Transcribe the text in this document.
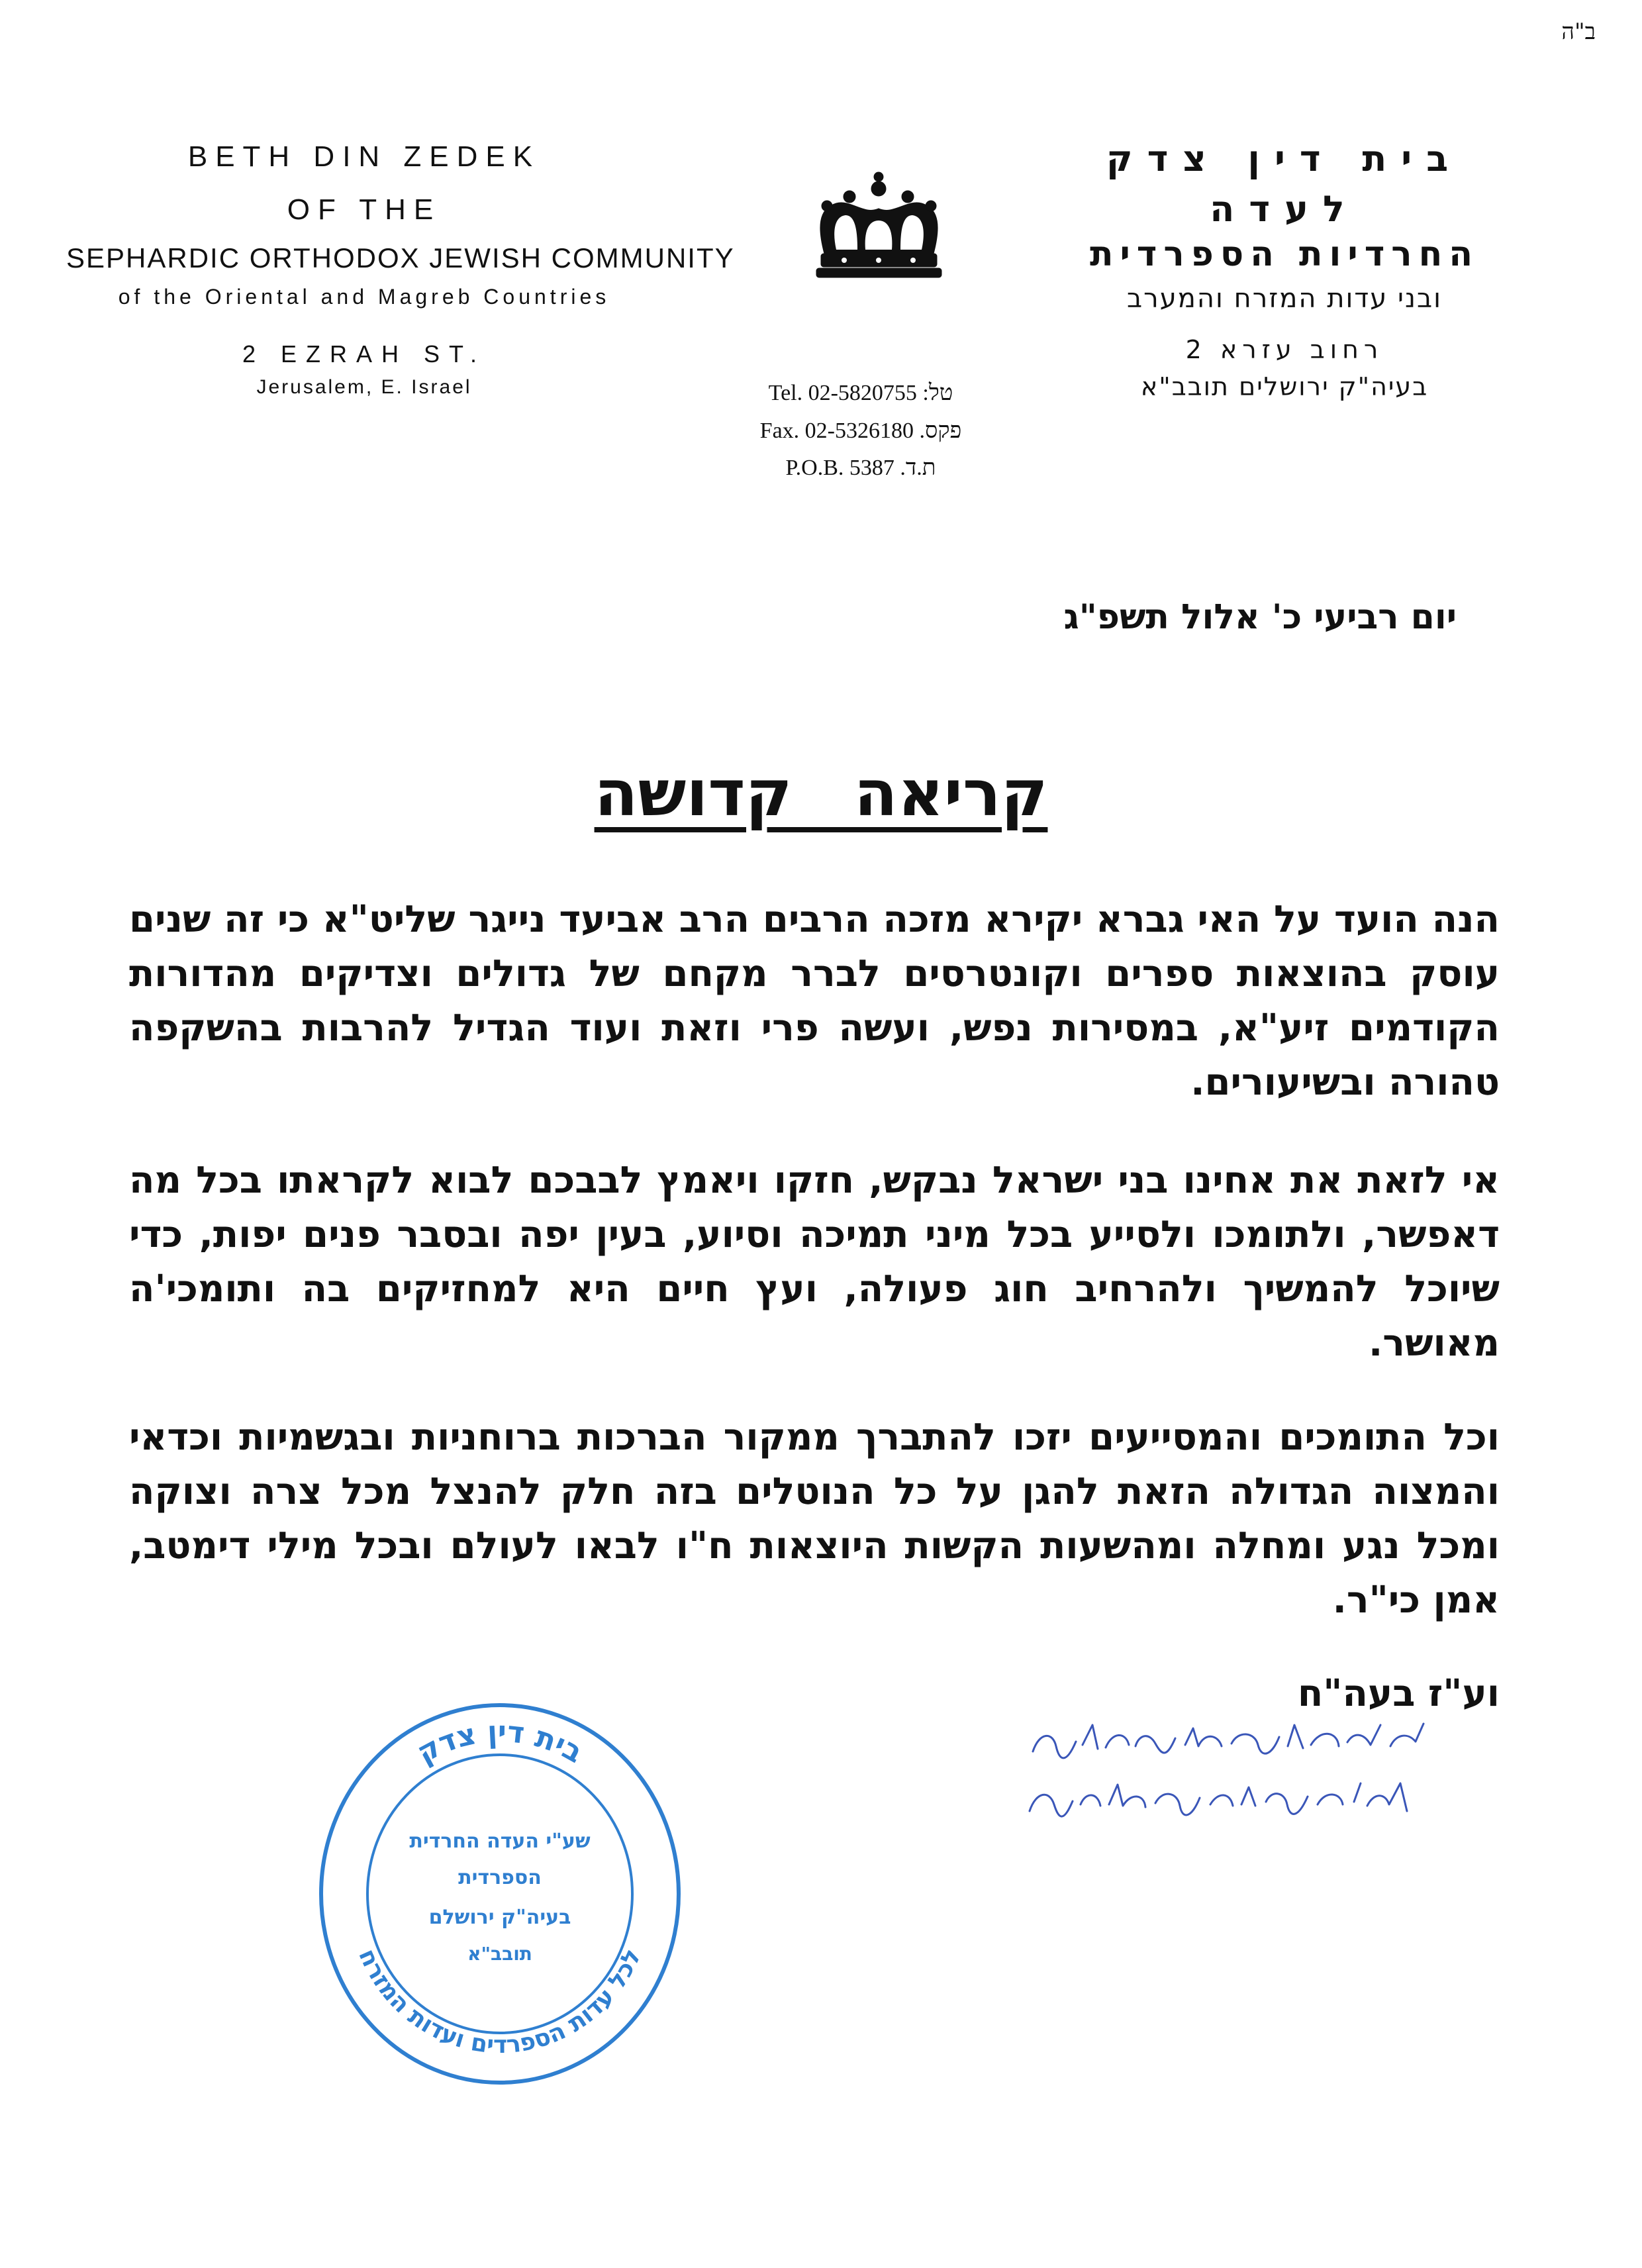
ב"ה
BETH DIN ZEDEK
OF THE
SEPHARDIC ORTHODOX JEWISH COMMUNITY
of the Oriental and Magreb Countries
2 EZRAH ST.
Jerusalem, E. Israel
בית דין צדק
לעדה
החרדיות הספרדית
ובני עדות המזרח והמערב
רחוב עזרא 2
בעיה"ק ירושלים תובב"א
Tel. 02-5820755 :טל
Fax. 02-5326180 .פקס
P.O.B. 5387 .ת.ד
יום רביעי כ' אלול תשפ"ג
קריאה קדושה
הנה הועד על האי גברא יקירא מזכה הרבים הרב אביעד נייגר שליט"א כי זה שנים עוסק בהוצאות ספרים וקונטרסים לברר מקחם של גדולים וצדיקים מהדורות הקודמים זיע"א, במסירות נפש, ועשה פרי וזאת ועוד הגדיל להרבות בהשקפה טהורה ובשיעורים.
אי לזאת את אחינו בני ישראל נבקש, חזקו ויאמץ לבבכם לבוא לקראתו בכל מה דאפשר, ולתומכו ולסייע בכל מיני תמיכה וסיוע, בעין יפה ובסבר פנים יפות, כדי שיוכל להמשיך ולהרחיב חוג פעולה, ועץ חיים היא למחזיקים בה ותומכי'ה מאושר.
וכל התומכים והמסייעים יזכו להתברך ממקור הברכות ברוחניות ובגשמיות וכדאי והמצוה הגדולה הזאת להגן על כל הנוטלים בזה חלק להנצל מכל צרה וצוקה ומכל נגע ומחלה ומהשעות הקשות היוצאות ח"ו לבאו לעולם ובכל מילי דימטב, אמן כי"ר.
וע"ז בעה"ח
בית דין צדק
לכל עדות הספרדים ועדות המזרח
שע"י העדה החרדית
הספרדית
בעיה"ק ירושלם
תובב"א
